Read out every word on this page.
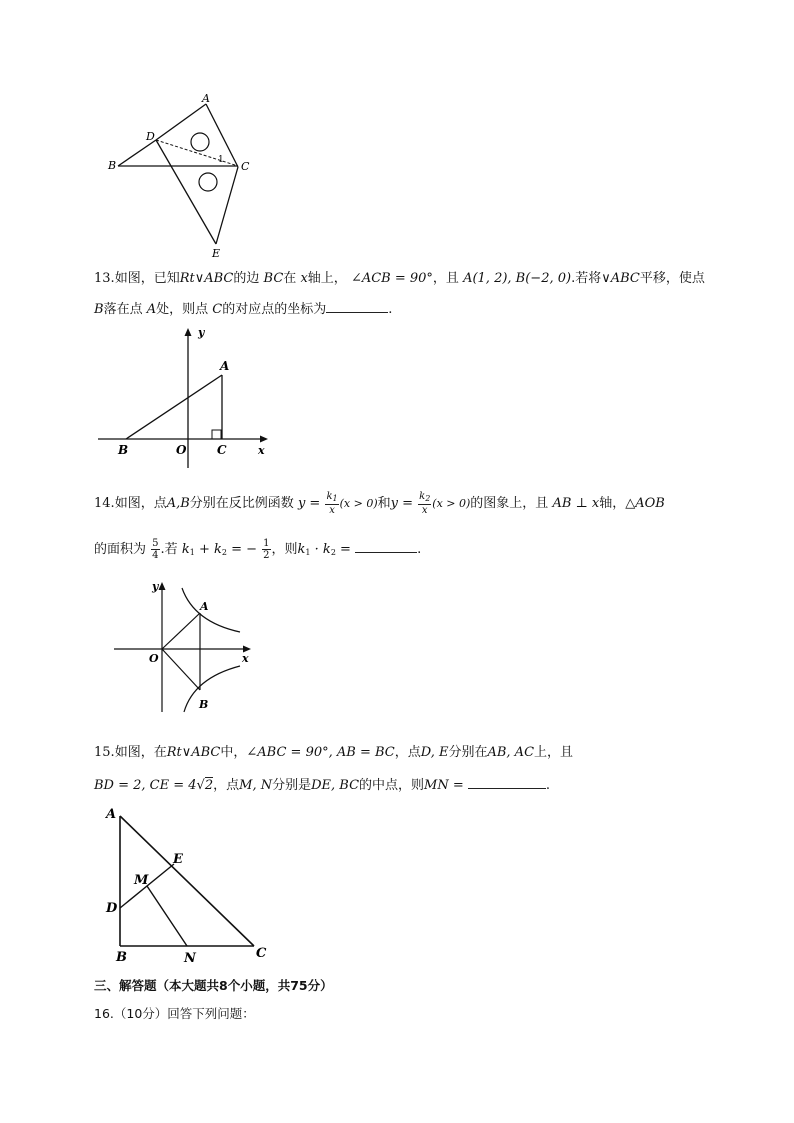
A
D
B	1 C
E
13.如图，已知Rt∨ABC的边 BC在 x轴上， ∠ACB = 90°，且 A(1, 2), B(−2, 0).若将∨ABC平移，使点
B落在点 A处，则点 C的对应点的坐标为	.
y
A
B	O	C	x
14.如图，点A,B分别在反比例函数 $y = \frac{k_1}{x} (x > 0)$和$y = \frac{k_2}{x} (x > 0)$的图象上，且 AB ⊥ x轴，△AOB
的面积为 $\frac{5}{4}$ .若 $k_1 + k_2$ = − $\frac{1}{2}$ ，则$k_1 \cdot k_2$ =	.
y
A
O	x
B
15.如图，在Rt∨ABC中，∠ABC = 90°, AB = BC，点D, E分别在AB, AC上，且
BD = 2, CE = 4√2，点M, N分别是DE, BC的中点，则MN =	.
A
E
M
D
B	N	C
三、解答题（本大题共8个小题，共75分）
16.（10分）回答下列问题：
